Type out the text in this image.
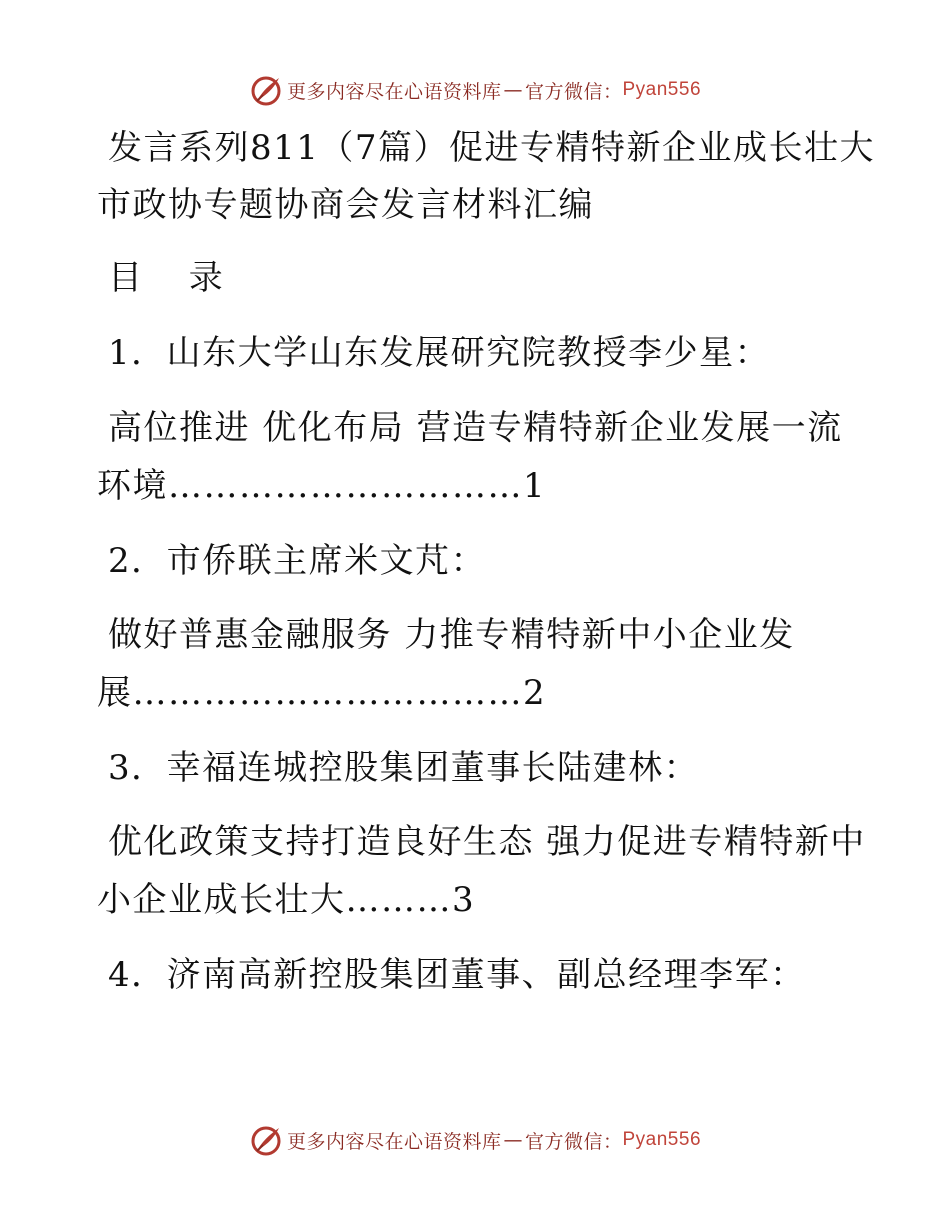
更多内容尽在心语资料库 — 官方微信： Pyan556
发言系列811（7篇）促进专精特新企业成长壮大
市政协专题协商会发言材料汇编
目 录
1．山东大学山东发展研究院教授李少星：
高位推进 优化布局 营造专精特新企业发展一流
环境…………………………1
2．市侨联主席米文芃：
做好普惠金融服务 力推专精特新中小企业发
展……………………………2
3．幸福连城控股集团董事长陆建林：
优化政策支持打造良好生态 强力促进专精特新中
小企业成长壮大………3
4．济南高新控股集团董事、副总经理李军：
更多内容尽在心语资料库 — 官方微信： Pyan556
